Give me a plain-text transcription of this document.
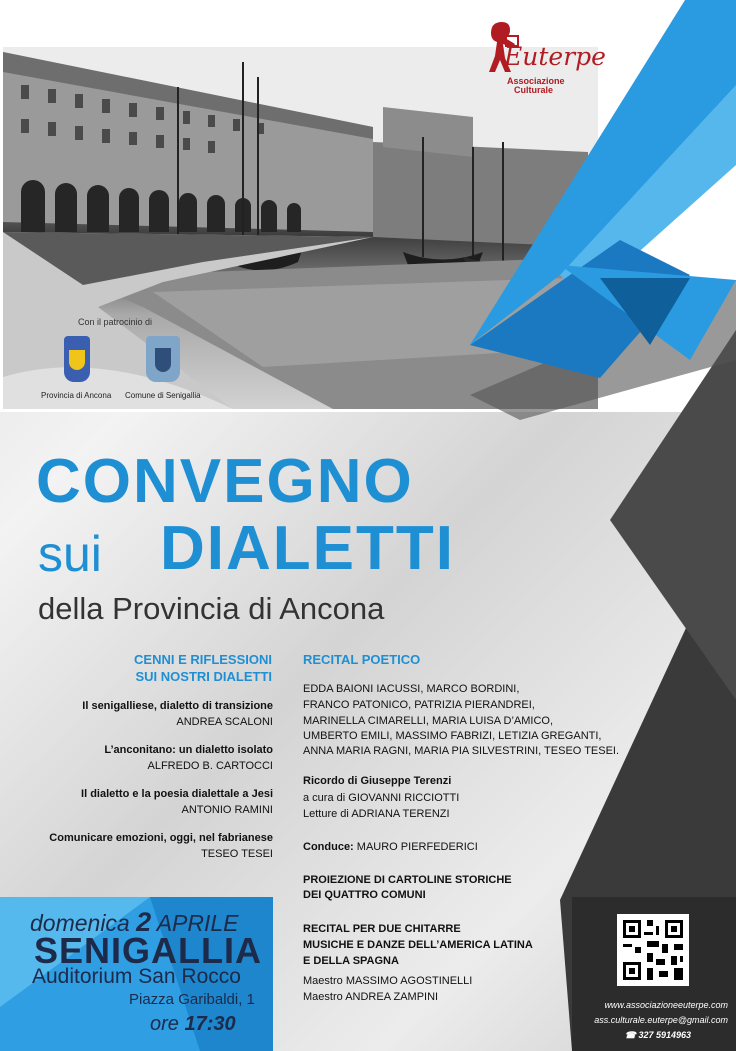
Euterpe
Associazione
Culturale
Con il patrocinio di
Provincia di Ancona Comune di Senigallia
CONVEGNO
sui DIALETTI
della Provincia di Ancona
CENNI E RIFLESSIONI
SUI NOSTRI DIALETTI
Il senigalliese, dialetto di transizione
ANDREA SCALONI
L’anconitano: un dialetto isolato
ALFREDO B. CARTOCCI
Il dialetto e la poesia dialettale a Jesi
ANTONIO RAMINI
Comunicare emozioni, oggi, nel fabrianese
TESEO TESEI
RECITAL POETICO
EDDA BAIONI IACUSSI, MARCO BORDINI,
FRANCO PATONICO, PATRIZIA PIERANDREI,
MARINELLA CIMARELLI, MARIA LUISA D’AMICO,
UMBERTO EMILI, MASSIMO FABRIZI, LETIZIA GREGANTI,
ANNA MARIA RAGNI, MARIA PIA SILVESTRINI, TESEO TESEI.
Ricordo di Giuseppe Terenzi
a cura di GIOVANNI RICCIOTTI
Letture di ADRIANA TERENZI
Conduce: MAURO PIERFEDERICI
PROIEZIONE DI CARTOLINE STORICHE
DEI QUATTRO COMUNI
RECITAL PER DUE CHITARRE
MUSICHE E DANZE DELL’AMERICA LATINA
E DELLA SPAGNA
Maestro MASSIMO AGOSTINELLI
Maestro ANDREA ZAMPINI
domenica 2 APRILE
SENIGALLIA
Auditorium San Rocco
Piazza Garibaldi, 1
ore 17:30
www.associazioneeuterpe.com
ass.culturale.euterpe@gmail.com
☎ 327 5914963
